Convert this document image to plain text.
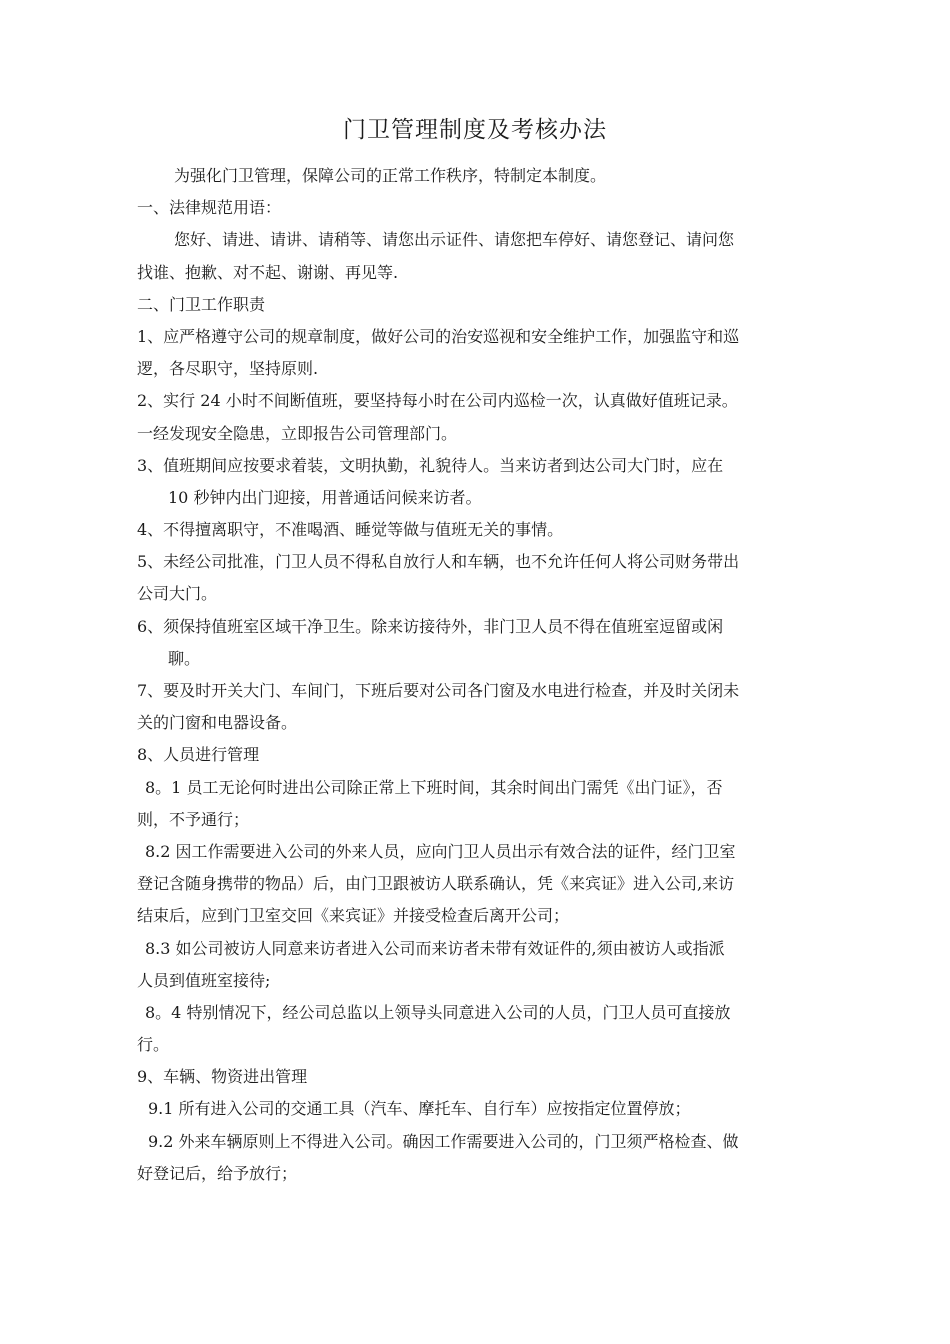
门卫管理制度及考核办法
为强化门卫管理，保障公司的正常工作秩序，特制定本制度。
一、法律规范用语：
您好、请进、请讲、请稍等、请您出示证件、请您把车停好、请您登记、请问您
找谁、抱歉、对不起、谢谢、再见等.
二、门卫工作职责
1、应严格遵守公司的规章制度，做好公司的治安巡视和安全维护工作，加强监守和巡
逻，各尽职守，坚持原则.
2、实行 24 小时不间断值班，要坚持每小时在公司内巡检一次，认真做好值班记录。
一经发现安全隐患，立即报告公司管理部门。
3、值班期间应按要求着装，文明执勤，礼貌待人。当来访者到达公司大门时，应在
10 秒钟内出门迎接，用普通话问候来访者。
4、不得擅离职守，不准喝酒、睡觉等做与值班无关的事情。
5、未经公司批准，门卫人员不得私自放行人和车辆，也不允许任何人将公司财务带出
公司大门。
6、须保持值班室区域干净卫生。除来访接待外，非门卫人员不得在值班室逗留或闲
聊。
7、要及时开关大门、车间门，下班后要对公司各门窗及水电进行检查，并及时关闭未
关的门窗和电器设备。
8、人员进行管理
8。1 员工无论何时进出公司除正常上下班时间，其余时间出门需凭《出门证》，否
则，不予通行；
8.2 因工作需要进入公司的外来人员，应向门卫人员出示有效合法的证件，经门卫室
登记含随身携带的物品）后，由门卫跟被访人联系确认，凭《来宾证》进入公司,来访
结束后，应到门卫室交回《来宾证》并接受检查后离开公司；
8.3 如公司被访人同意来访者进入公司而来访者未带有效证件的,须由被访人或指派
人员到值班室接待;
8。4 特别情况下，经公司总监以上领导头同意进入公司的人员，门卫人员可直接放
行。
9、车辆、物资进出管理
9.1 所有进入公司的交通工具（汽车、摩托车、自行车）应按指定位置停放；
9.2 外来车辆原则上不得进入公司。确因工作需要进入公司的，门卫须严格检查、做
好登记后，给予放行；
